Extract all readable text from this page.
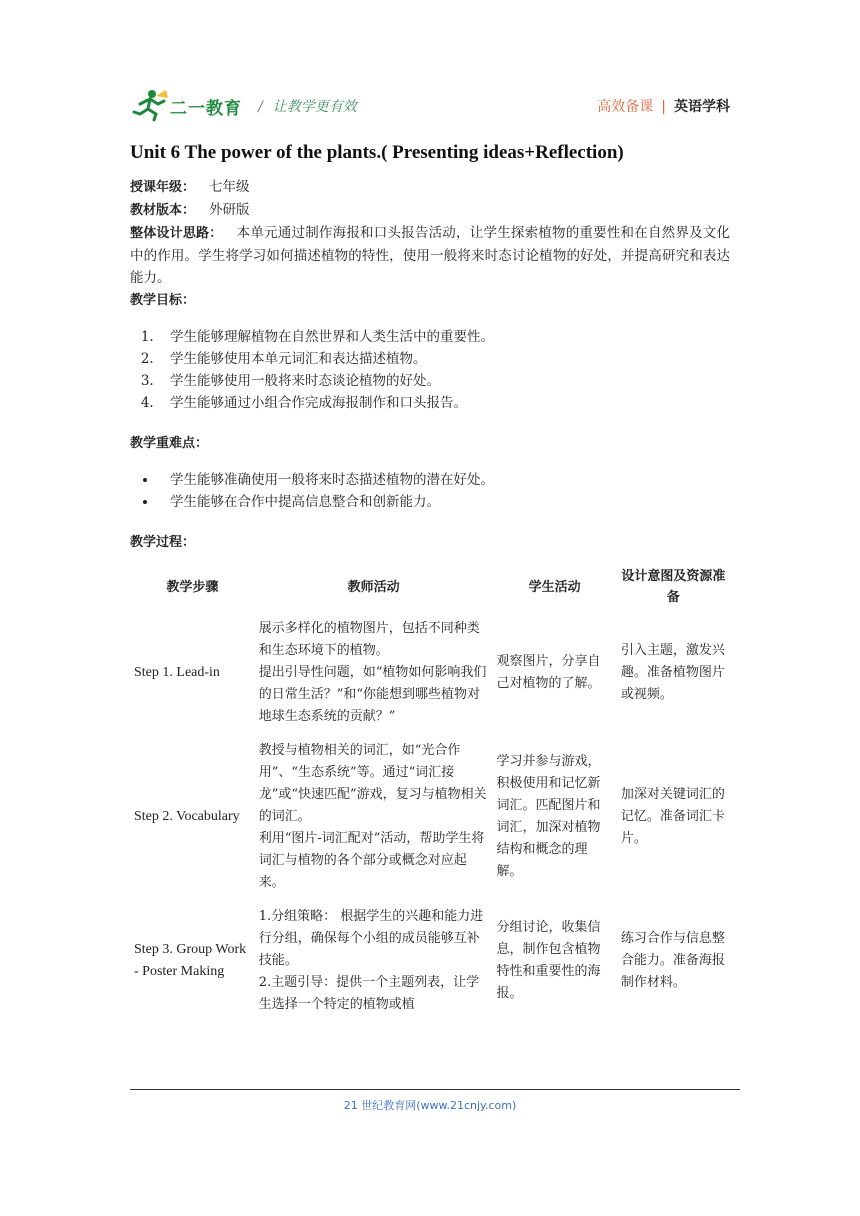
二一教育 / 让教学更有效	高效备课 | 英语学科
Unit 6 The power of the plants.( Presenting ideas+Reflection)
授课年级： 七年级
教材版本： 外研版
整体设计思路： 本单元通过制作海报和口头报告活动，让学生探索植物的重要性和在自然界及文化中的作用。学生将学习如何描述植物的特性，使用一般将来时态讨论植物的好处，并提高研究和表达能力。
教学目标：
1. 学生能够理解植物在自然世界和人类生活中的重要性。
2. 学生能够使用本单元词汇和表达描述植物。
3. 学生能够使用一般将来时态谈论植物的好处。
4. 学生能够通过小组合作完成海报制作和口头报告。
教学重难点：
• 学生能够准确使用一般将来时态描述植物的潜在好处。
• 学生能够在合作中提高信息整合和创新能力。
教学过程：
教学步骤	教师活动	学生活动	设计意图及资源准备
Step 1. Lead-in	展示多样化的植物图片，包括不同种类和生态环境下的植物。
提出引导性问题，如“植物如何影响我们的日常生活？”和“你能想到哪些植物对地球生态系统的贡献？”	观察图片，分享自己对植物的了解。	引入主题，激发兴趣。准备植物图片或视频。
Step 2. Vocabulary	教授与植物相关的词汇，如“光合作用”、“生态系统”等。通过“词汇接龙”或“快速匹配”游戏，复习与植物相关的词汇。
利用“图片-词汇配对”活动，帮助学生将词汇与植物的各个部分或概念对应起来。	学习并参与游戏，积极使用和记忆新词汇。匹配图片和词汇，加深对植物结构和概念的理解。	加深对关键词汇的记忆。准备词汇卡片。
Step 3. Group Work - Poster Making	1.分组策略： 根据学生的兴趣和能力进行分组，确保每个小组的成员能够互补技能。
2.主题引导：提供一个主题列表，让学生选择一个特定的植物或植	分组讨论，收集信息，制作包含植物特性和重要性的海报。	练习合作与信息整合能力。准备海报制作材料。
21 世纪教育网(www.21cnjy.com)
